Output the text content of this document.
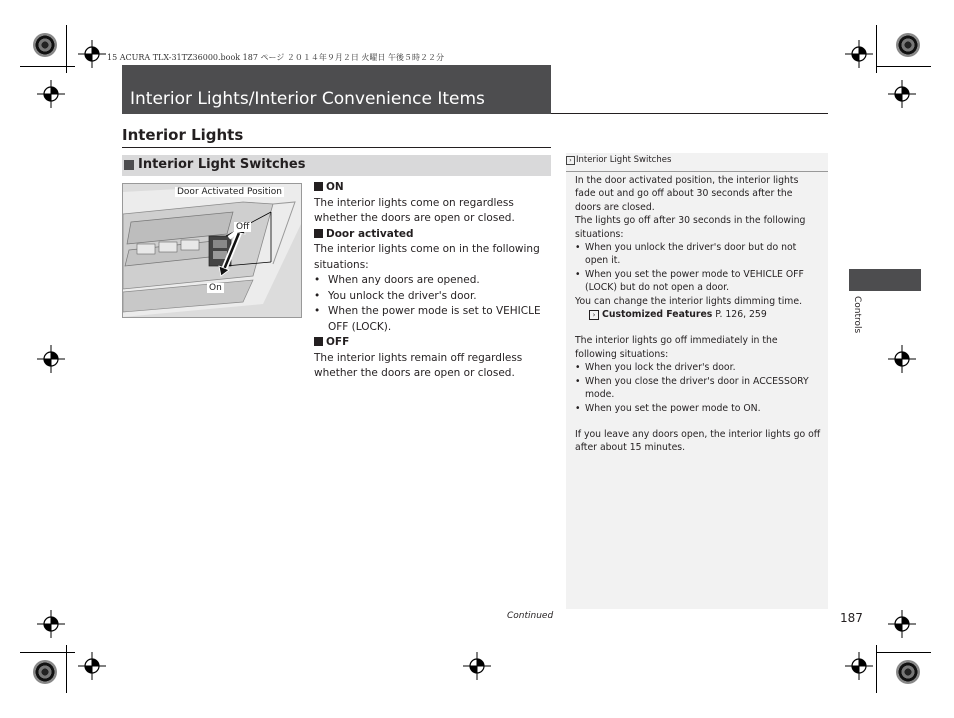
15 ACURA TLX-31TZ36000.book 187 ページ ２０１４年９月２日 火曜日 午後５時２２分
Interior Lights/Interior Convenience Items
Interior Lights
Interior Light Switches
Door Activated Position
Off
On
ON
The interior lights come on regardless whether the doors are open or closed.
Door activated
The interior lights come on in the following situations:
• When any doors are opened.
• You unlock the driver's door.
• When the power mode is set to VEHICLE OFF (LOCK).
OFF
The interior lights remain off regardless whether the doors are open or closed.
› Interior Light Switches

In the door activated position, the interior lights fade out and go off about 30 seconds after the doors are closed.

The lights go off after 30 seconds in the following situations:

• When you unlock the driver's door but do not open it.
• When you set the power mode to VEHICLE OFF (LOCK) but do not open a door.

You can change the interior lights dimming time.

› Customized Features P. 126, 259

The interior lights go off immediately in the following situations:

• When you lock the driver's door.
• When you close the driver's door in ACCESSORY mode.
• When you set the power mode to ON.

If you leave any doors open, the interior lights go off after about 15 minutes.

Controls
Continued	187
